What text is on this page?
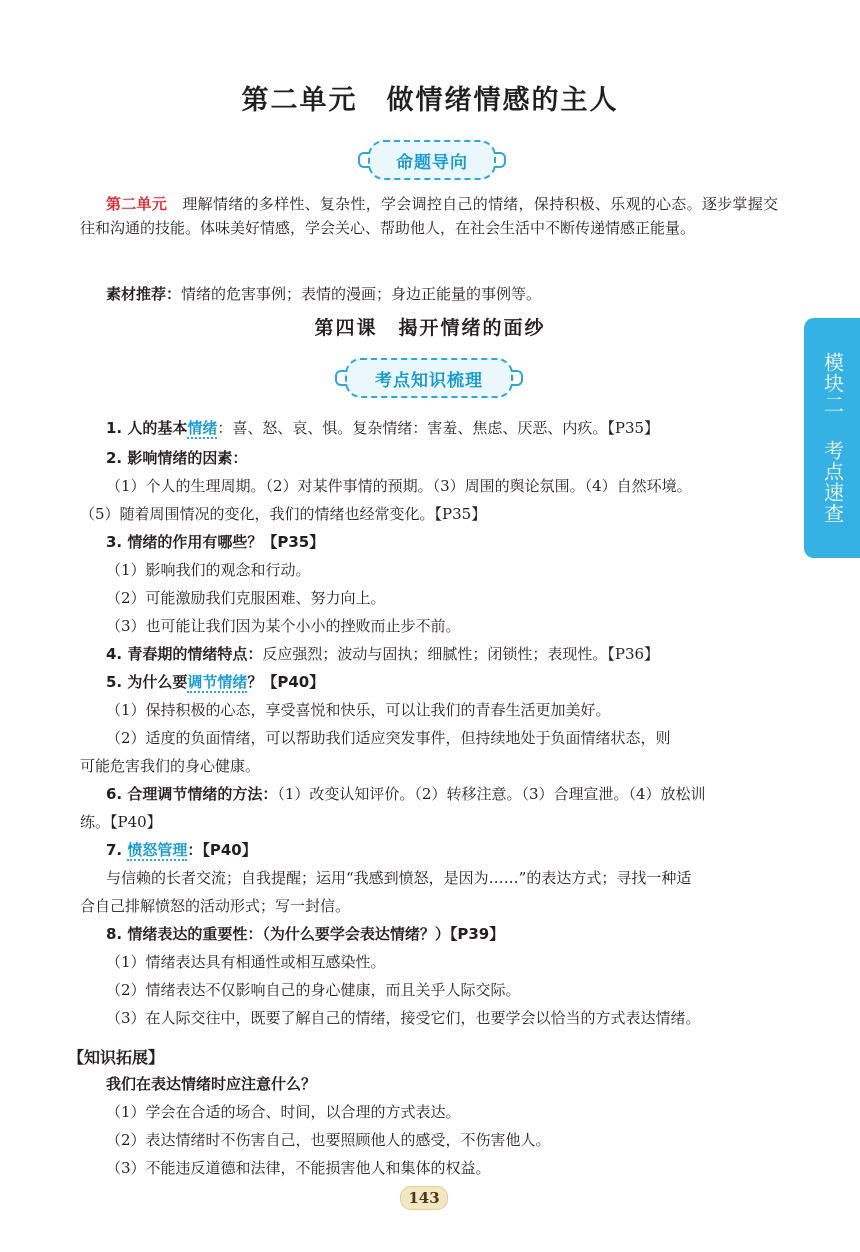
第二单元　做情绪情感的主人
命题导向
第二单元　 理解情绪的多样性、复杂性，学会调控自己的情绪，保持积极、乐观的心态。逐步掌握交往和沟通的技能。体味美好情感，学会关心、帮助他人，在社会生活中不断传递情感正能量。
素材推荐：情绪的危害事例；表情的漫画；身边正能量的事例等。
第四课　揭开情绪的面纱
考点知识梳理	模块二 考点速查
1. 人的基本情绪：喜、怒、哀、惧。复杂情绪：害羞、焦虑、厌恶、内疚。【P35】
2. 影响情绪的因素：
（1）个人的生理周期。（2）对某件事情的预期。（3）周围的舆论氛围。（4）自然环境。
（5）随着周围情况的变化，我们的情绪也经常变化。【P35】
3. 情绪的作用有哪些？【P35】
（1）影响我们的观念和行动。
（2）可能激励我们克服困难、努力向上。
（3）也可能让我们因为某个小小的挫败而止步不前。
4. 青春期的情绪特点：反应强烈；波动与固执；细腻性；闭锁性；表现性。【P36】
5. 为什么要调节情绪？【P40】
（1）保持积极的心态，享受喜悦和快乐，可以让我们的青春生活更加美好。
（2）适度的负面情绪，可以帮助我们适应突发事件，但持续地处于负面情绪状态，则
可能危害我们的身心健康。
6. 合理调节情绪的方法：（1）改变认知评价。（2）转移注意。（3）合理宣泄。（4）放松训
练。【P40】
7. 愤怒管理：【P40】
与信赖的长者交流；自我提醒；运用“我感到愤怒，是因为……”的表达方式；寻找一种适
合自己排解愤怒的活动形式；写一封信。
8. 情绪表达的重要性：（为什么要学会表达情绪？）【P39】
（1）情绪表达具有相通性或相互感染性。
（2）情绪表达不仅影响自己的身心健康，而且关乎人际交际。
（3）在人际交往中，既要了解自己的情绪，接受它们，也要学会以恰当的方式表达情绪。
【知识拓展】
我们在表达情绪时应注意什么？
（1）学会在合适的场合、时间，以合理的方式表达。
（2）表达情绪时不伤害自己，也要照顾他人的感受，不伤害他人。
（3）不能违反道德和法律，不能损害他人和集体的权益。
143
